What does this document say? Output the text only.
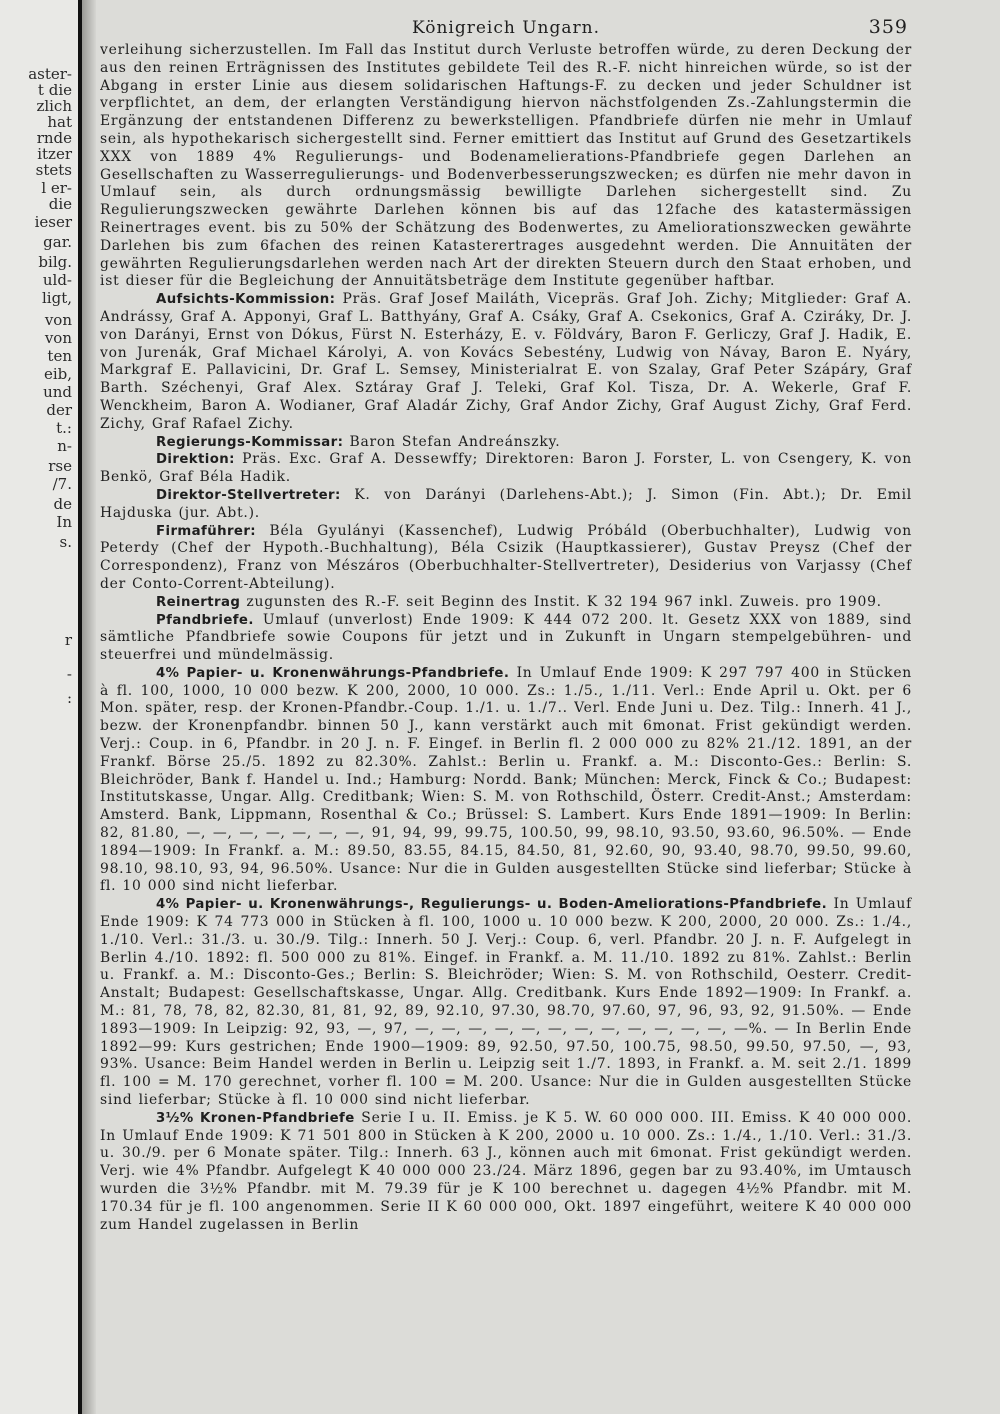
aster-
t die
zlich
hat
rnde
itzer
stets
l er-
die
ieser
gar.
bilg.
uld-
ligt,
von
von
ten
eib,
und
der
t.:
n-
rse
/7.
de
In
s.
r
-
:
Königreich Ungarn.	359

verleihung sicherzustellen. Im Fall das Institut durch Verluste betroffen würde, zu deren Deckung der aus den reinen Erträgnissen des Institutes gebildete Teil des R.-F. nicht hinreichen würde, so ist der Abgang in erster Linie aus diesem solidarischen Haftungs-F. zu decken und jeder Schuldner ist verpflichtet, an dem, der erlangten Verständigung hiervon nächstfolgenden Zs.-Zahlungstermin die Ergänzung der entstandenen Differenz zu bewerkstelligen. Pfandbriefe dürfen nie mehr in Umlauf sein, als hypothekarisch sichergestellt sind. Ferner emittiert das Institut auf Grund des Gesetzartikels XXX von 1889 4% Regulierungs- und Bodenamelierations-Pfandbriefe gegen Darlehen an Gesellschaften zu Wasserregulierungs- und Bodenverbesserungszwecken; es dürfen nie mehr davon in Umlauf sein, als durch ordnungsmässig bewilligte Darlehen sichergestellt sind. Zu Regulierungszwecken gewährte Darlehen können bis auf das 12fache des katastermässigen Reinertrages event. bis zu 50% der Schätzung des Bodenwertes, zu Ameliorationszwecken gewährte Darlehen bis zum 6fachen des reinen Katasterertrages ausgedehnt werden. Die Annuitäten der gewährten Regulierungsdarlehen werden nach Art der direkten Steuern durch den Staat erhoben, und ist dieser für die Begleichung der Annuitätsbeträge dem Institute gegenüber haftbar.

Aufsichts-Kommission: Präs. Graf Josef Mailáth, Vicepräs. Graf Joh. Zichy; Mitglieder: Graf A. Andrássy, Graf A. Apponyi, Graf L. Batthyány, Graf A. Csáky, Graf A. Csekonics, Graf A. Cziráky, Dr. J. von Darányi, Ernst von Dókus, Fürst N. Esterházy, E. v. Földváry, Baron F. Gerliczy, Graf J. Hadik, E. von Jurenák, Graf Michael Károlyi, A. von Kovács Sebestény, Ludwig von Návay, Baron E. Nyáry, Markgraf E. Pallavicini, Dr. Graf L. Semsey, Ministerialrat E. von Szalay, Graf Peter Szápáry, Graf Barth. Széchenyi, Graf Alex. Sztáray Graf J. Teleki, Graf Kol. Tisza, Dr. A. Wekerle, Graf F. Wenckheim, Baron A. Wodianer, Graf Aladár Zichy, Graf Andor Zichy, Graf August Zichy, Graf Ferd. Zichy, Graf Rafael Zichy.

Regierungs-Kommissar: Baron Stefan Andreánszky.

Direktion: Präs. Exc. Graf A. Dessewffy; Direktoren: Baron J. Forster, L. von Csengery, K. von Benkö, Graf Béla Hadik.

Direktor-Stellvertreter: K. von Darányi (Darlehens-Abt.); J. Simon (Fin. Abt.); Dr. Emil Hajduska (jur. Abt.).

Firmaführer: Béla Gyulányi (Kassenchef), Ludwig Próbáld (Oberbuchhalter), Ludwig von Peterdy (Chef der Hypoth.-Buchhaltung), Béla Csizik (Hauptkassierer), Gustav Preysz (Chef der Correspondenz), Franz von Mészáros (Oberbuchhalter-Stellvertreter), Desiderius von Varjassy (Chef der Conto-Corrent-Abteilung).

Reinertrag zugunsten des R.-F. seit Beginn des Instit. K 32 194 967 inkl. Zuweis. pro 1909.

Pfandbriefe. Umlauf (unverlost) Ende 1909: K 444 072 200. lt. Gesetz XXX von 1889, sind sämtliche Pfandbriefe sowie Coupons für jetzt und in Zukunft in Ungarn stempelgebühren- und steuerfrei und mündelmässig.

4% Papier- u. Kronenwährungs-Pfandbriefe. In Umlauf Ende 1909: K 297 797 400 in Stücken à fl. 100, 1000, 10 000 bezw. K 200, 2000, 10 000. Zs.: 1./5., 1./11. Verl.: Ende April u. Okt. per 6 Mon. später, resp. der Kronen-Pfandbr.-Coup. 1./1. u. 1./7.. Verl. Ende Juni u. Dez. Tilg.: Innerh. 41 J., bezw. der Kronenpfandbr. binnen 50 J., kann verstärkt auch mit 6monat. Frist gekündigt werden. Verj.: Coup. in 6, Pfandbr. in 20 J. n. F. Eingef. in Berlin fl. 2 000 000 zu 82% 21./12. 1891, an der Frankf. Börse 25./5. 1892 zu 82.30%. Zahlst.: Berlin u. Frankf. a. M.: Disconto-Ges.: Berlin: S. Bleichröder, Bank f. Handel u. Ind.; Hamburg: Nordd. Bank; München: Merck, Finck & Co.; Budapest: Institutskasse, Ungar. Allg. Creditbank; Wien: S. M. von Rothschild, Österr. Credit-Anst.; Amsterdam: Amsterd. Bank, Lippmann, Rosenthal & Co.; Brüssel: S. Lambert. Kurs Ende 1891—1909: In Berlin: 82, 81.80, —, —, —, —, —, —, —, 91, 94, 99, 99.75, 100.50, 99, 98.10, 93.50, 93.60, 96.50%. — Ende 1894—1909: In Frankf. a. M.: 89.50, 83.55, 84.15, 84.50, 81, 92.60, 90, 93.40, 98.70, 99.50, 99.60, 98.10, 98.10, 93, 94, 96.50%. Usance: Nur die in Gulden ausgestellten Stücke sind lieferbar; Stücke à fl. 10 000 sind nicht lieferbar.

4% Papier- u. Kronenwährungs-, Regulierungs- u. Boden-Ameliorations-Pfandbriefe. In Umlauf Ende 1909: K 74 773 000 in Stücken à fl. 100, 1000 u. 10 000 bezw. K 200, 2000, 20 000. Zs.: 1./4., 1./10. Verl.: 31./3. u. 30./9. Tilg.: Innerh. 50 J. Verj.: Coup. 6, verl. Pfandbr. 20 J. n. F. Aufgelegt in Berlin 4./10. 1892: fl. 500 000 zu 81%. Eingef. in Frankf. a. M. 11./10. 1892 zu 81%. Zahlst.: Berlin u. Frankf. a. M.: Disconto-Ges.; Berlin: S. Bleichröder; Wien: S. M. von Rothschild, Oesterr. Credit-Anstalt; Budapest: Gesellschaftskasse, Ungar. Allg. Creditbank. Kurs Ende 1892—1909: In Frankf. a. M.: 81, 78, 78, 82, 82.30, 81, 81, 92, 89, 92.10, 97.30, 98.70, 97.60, 97, 96, 93, 92, 91.50%. — Ende 1893—1909: In Leipzig: 92, 93, —, 97, —, —, —, —, —, —, —, —, —, —, —, —, —%. — In Berlin Ende 1892—99: Kurs gestrichen; Ende 1900—1909: 89, 92.50, 97.50, 100.75, 98.50, 99.50, 97.50, —, 93, 93%. Usance: Beim Handel werden in Berlin u. Leipzig seit 1./7. 1893, in Frankf. a. M. seit 2./1. 1899 fl. 100 = M. 170 gerechnet, vorher fl. 100 = M. 200. Usance: Nur die in Gulden ausgestellten Stücke sind lieferbar; Stücke à fl. 10 000 sind nicht lieferbar.

3½% Kronen-Pfandbriefe Serie I u. II. Emiss. je K 5. W. 60 000 000. III. Emiss. K 40 000 000. In Umlauf Ende 1909: K 71 501 800 in Stücken à K 200, 2000 u. 10 000. Zs.: 1./4., 1./10. Verl.: 31./3. u. 30./9. per 6 Monate später. Tilg.: Innerh. 63 J., können auch mit 6monat. Frist gekündigt werden. Verj. wie 4% Pfandbr. Aufgelegt K 40 000 000 23./24. März 1896, gegen bar zu 93.40%, im Umtausch wurden die 3½% Pfandbr. mit M. 79.39 für je K 100 berechnet u. dagegen 4½% Pfandbr. mit M. 170.34 für je fl. 100 angenommen. Serie II K 60 000 000, Okt. 1897 eingeführt, weitere K 40 000 000 zum Handel zugelassen in Berlin
